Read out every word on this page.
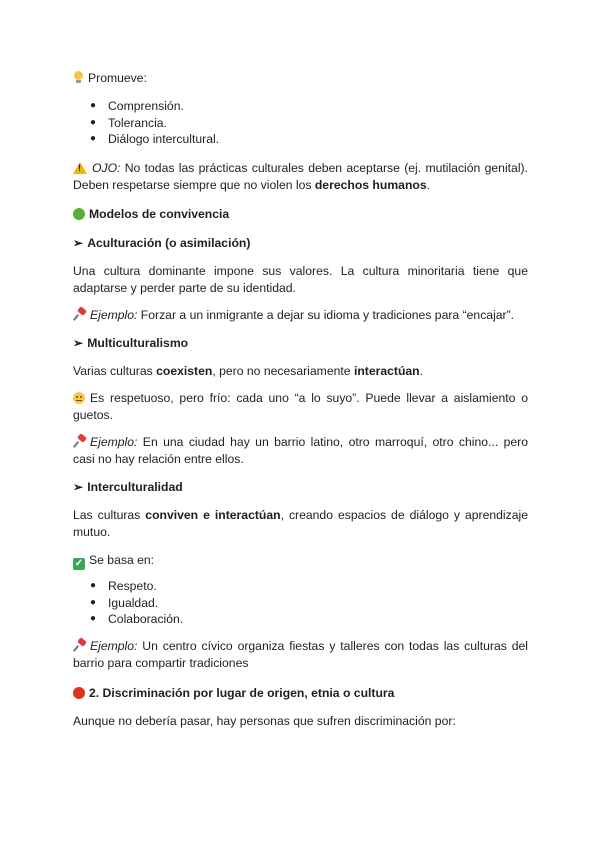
Promueve:
● Comprensión.
● Tolerancia.
● Diálogo intercultural.
! OJO: No todas las prácticas culturales deben aceptarse (ej. mutilación genital). Deben respetarse siempre que no violen los derechos humanos.
Modelos de convivencia
➢ Aculturación (o asimilación)
Una cultura dominante impone sus valores. La cultura minoritaria tiene que adaptarse y perder parte de su identidad.
Ejemplo: Forzar a un inmigrante a dejar su idioma y tradiciones para “encajar”.
➢ Multiculturalismo
Varias culturas coexisten, pero no necesariamente interactúan.
Es respetuoso, pero frío: cada uno “a lo suyo”. Puede llevar a aislamiento o guetos.
Ejemplo: En una ciudad hay un barrio latino, otro marroquí, otro chino... pero casi no hay relación entre ellos.
➢ Interculturalidad
Las culturas conviven e interactúan, creando espacios de diálogo y aprendizaje mutuo.
✓ Se basa en:
● Respeto.
● Igualdad.
● Colaboración.
Ejemplo: Un centro cívico organiza fiestas y talleres con todas las culturas del barrio para compartir tradiciones
2. Discriminación por lugar de origen, etnia o cultura
Aunque no debería pasar, hay personas que sufren discriminación por:
